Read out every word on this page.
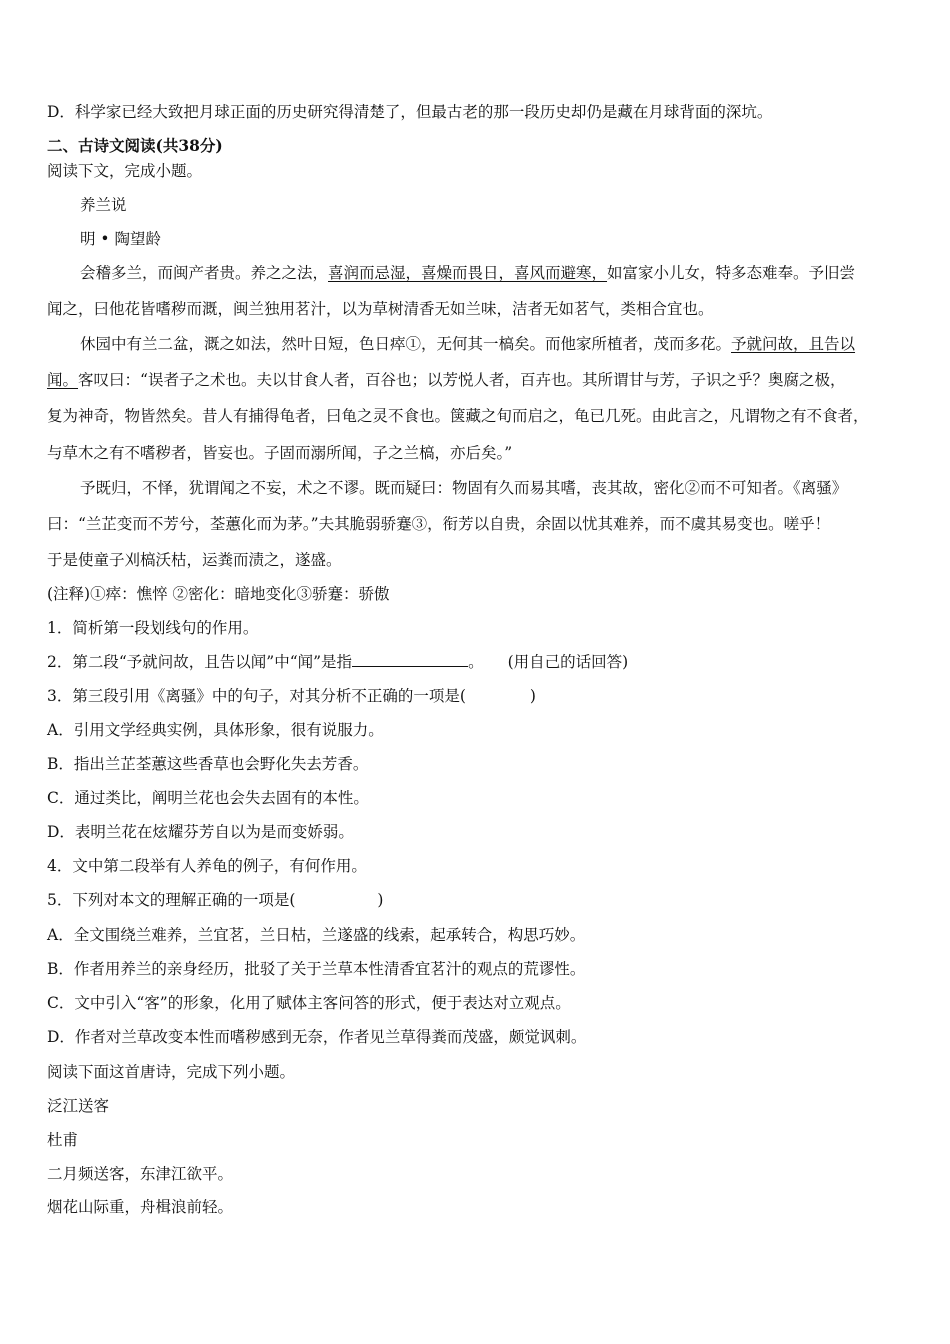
D．科学家已经大致把月球正面的历史研究得清楚了，但最古老的那一段历史却仍是藏在月球背面的深坑。
二、古诗文阅读(共38分)
阅读下文，完成小题。
养兰说
明 • 陶望龄
会稽多兰，而闽产者贵。养之之法，喜润而忌湿，喜燥而畏日，喜风而避寒，如富家小儿女，特多态难奉。予旧尝
闻之，曰他花皆嗜秽而溉，闽兰独用茗汁，以为草树清香无如兰味，洁者无如茗气，类相合宜也。
休园中有兰二盆，溉之如法，然叶日短，色日瘁①，无何其一槁矣。而他家所植者，茂而多花。予就问故，且告以
闻。客叹曰：“误者子之术也。夫以甘食人者，百谷也；以芳悦人者，百卉也。其所谓甘与芳，子识之乎？奥腐之极，
复为神奇，物皆然矣。昔人有捕得龟者，曰龟之灵不食也。箧藏之旬而启之，龟已几死。由此言之，凡谓物之有不食者，
与草木之有不嗜秽者，皆妄也。子固而溺所闻，子之兰槁，亦后矣。”
予既归，不怿，犹谓闻之不妄，术之不谬。既而疑曰：物固有久而易其嗜，丧其故，密化②而不可知者。《离骚》
曰：“兰芷变而不芳兮，荃蕙化而为茅。”夫其脆弱骄蹇③，衔芳以自贵，余固以忧其难养，而不虞其易变也。嗟乎！
于是使童子刈槁沃枯，运粪而渍之，遂盛。
(注释)①瘁：憔悴 ②密化：暗地变化③骄蹇：骄傲
1．简析第一段划线句的作用。
2．第二段“予就问故，且告以闻”中“闻”是指	。 (用自己的话回答)
3．第三段引用《离骚》中的句子，对其分析不正确的一项是(	)
A．引用文学经典实例，具体形象，很有说服力。
B．指出兰芷荃蕙这些香草也会野化失去芳香。
C．通过类比，阐明兰花也会失去固有的本性。
D．表明兰花在炫耀芬芳自以为是而变娇弱。
4．文中第二段举有人养龟的例子，有何作用。
5．下列对本文的理解正确的一项是(	)
A．全文围绕兰难养，兰宜茗，兰日枯，兰遂盛的线索，起承转合，构思巧妙。
B．作者用养兰的亲身经历，批驳了关于兰草本性清香宜茗汁的观点的荒谬性。
C．文中引入“客”的形象，化用了赋体主客问答的形式，便于表达对立观点。
D．作者对兰草改变本性而嗜秽感到无奈，作者见兰草得粪而茂盛，颇觉讽刺。
阅读下面这首唐诗，完成下列小题。
泛江送客
杜甫
二月频送客，东津江欲平。
烟花山际重，舟楫浪前轻。
